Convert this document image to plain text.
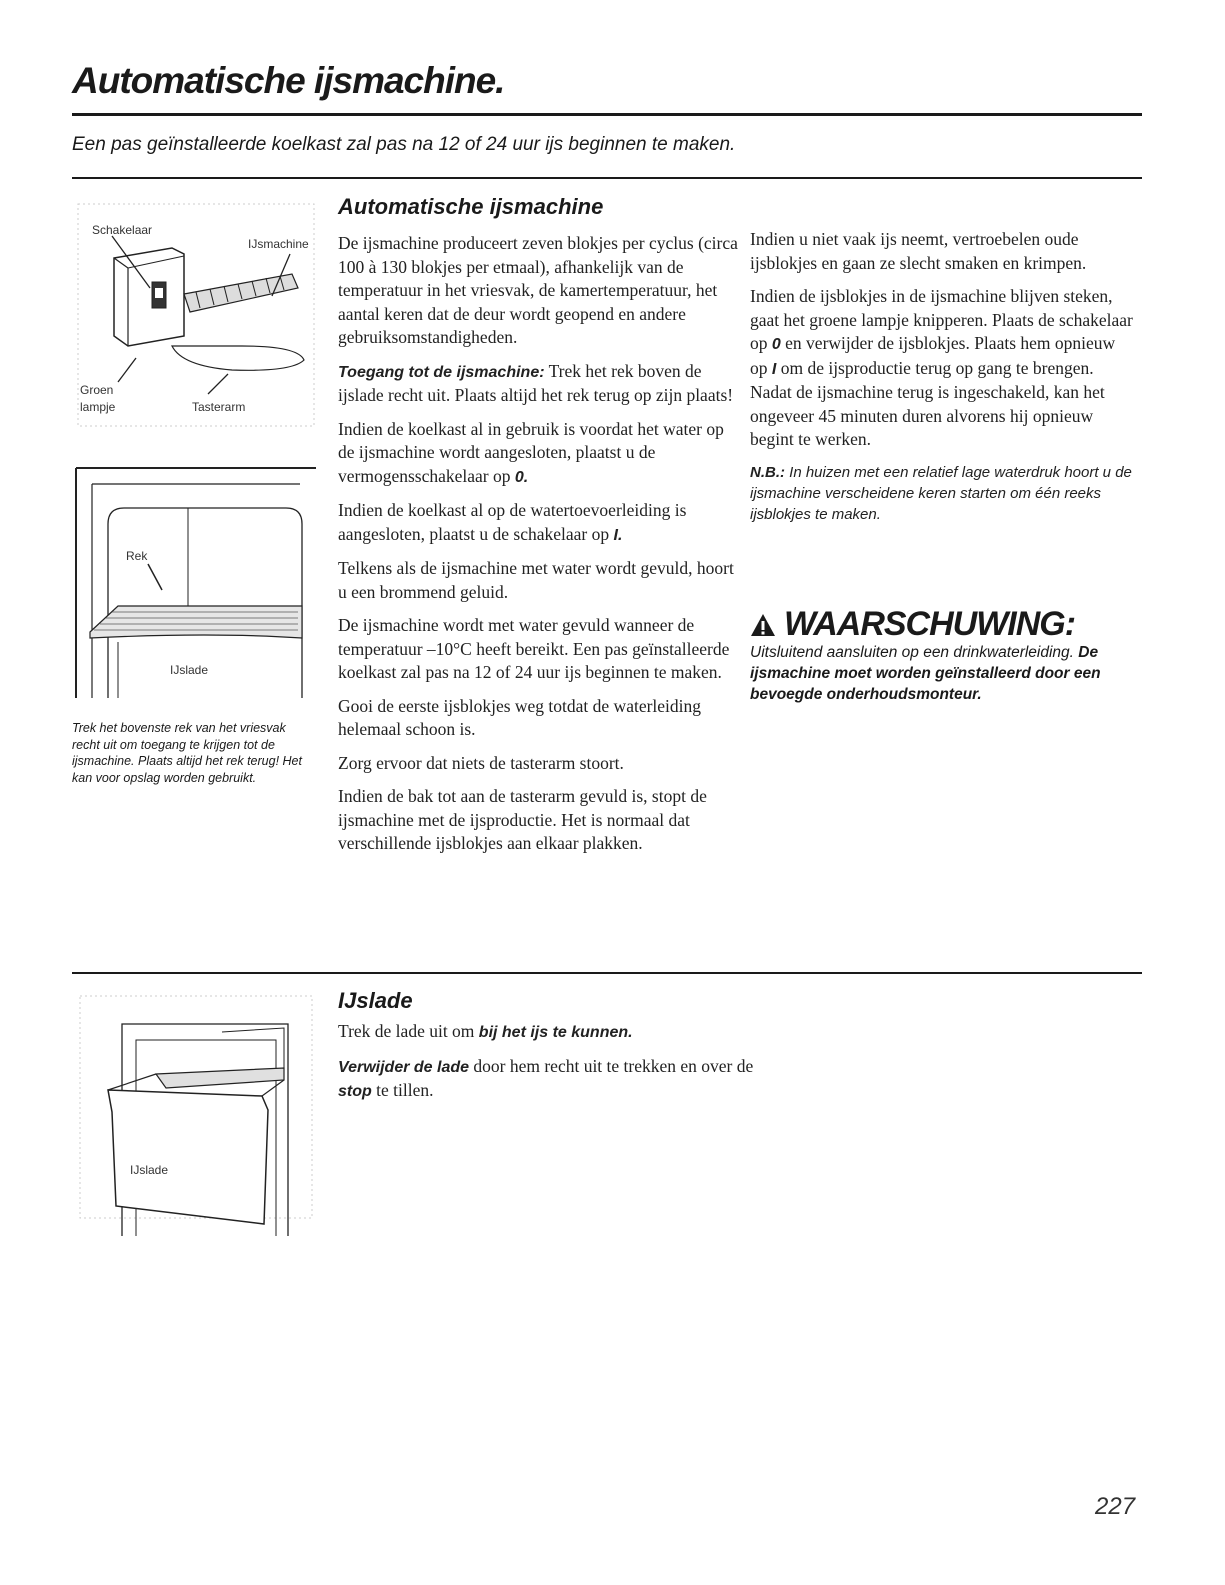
Automatische ijsmachine.
Een pas geïnstalleerde koelkast zal pas na 12 of 24 uur ijs beginnen te maken.
Schakelaar
IJsmachine
Groen
lampje	Tasterarm
Rek
IJslade
Trek het bovenste rek van het vriesvak recht uit om toegang te krijgen tot de ijsmachine. Plaats altijd het rek terug! Het kan voor opslag worden gebruikt.
Automatische ijsmachine

De ijsmachine produceert zeven blokjes per cyclus (circa 100 à 130 blokjes per etmaal), afhankelijk van de temperatuur in het vriesvak, de kamertemperatuur, het aantal keren dat de deur wordt geopend en andere gebruiksomstandigheden.

Toegang tot de ijsmachine: Trek het rek boven de ijslade recht uit. Plaats altijd het rek terug op zijn plaats!

Indien de koelkast al in gebruik is voordat het water op de ijsmachine wordt aangesloten, plaatst u de vermogensschakelaar op 0.

Indien de koelkast al op de watertoevoerleiding is aangesloten, plaatst u de schakelaar op I.

Telkens als de ijsmachine met water wordt gevuld, hoort u een brommend geluid.

De ijsmachine wordt met water gevuld wanneer de temperatuur –10°C heeft bereikt. Een pas geïnstalleerde koelkast zal pas na 12 of 24 uur ijs beginnen te maken.

Gooi de eerste ijsblokjes weg totdat de waterleiding helemaal schoon is.

Zorg ervoor dat niets de tasterarm stoort.

Indien de bak tot aan de tasterarm gevuld is, stopt de ijsmachine met de ijsproductie. Het is normaal dat verschillende ijsblokjes aan elkaar plakken.

Indien u niet vaak ijs neemt, vertroebelen oude ijsblokjes en gaan ze slecht smaken en krimpen.

Indien de ijsblokjes in de ijsmachine blijven steken, gaat het groene lampje knipperen. Plaats de schakelaar op 0 en verwijder de ijsblokjes. Plaats hem opnieuw op I om de ijsproductie terug op gang te brengen. Nadat de ijsmachine terug is ingeschakeld, kan het ongeveer 45 minuten duren alvorens hij opnieuw begint te werken.

N.B.: In huizen met een relatief lage waterdruk hoort u de ijsmachine verscheidene keren starten om één reeks ijsblokjes te maken.

WAARSCHUWING:
Uitsluitend aansluiten op een drinkwaterleiding. De ijsmachine moet worden geïnstalleerd door een bevoegde onderhoudsmonteur.
IJslade
IJslade

Trek de lade uit om bij het ijs te kunnen.

Verwijder de lade door hem recht uit te trekken en over de stop te tillen.

227
